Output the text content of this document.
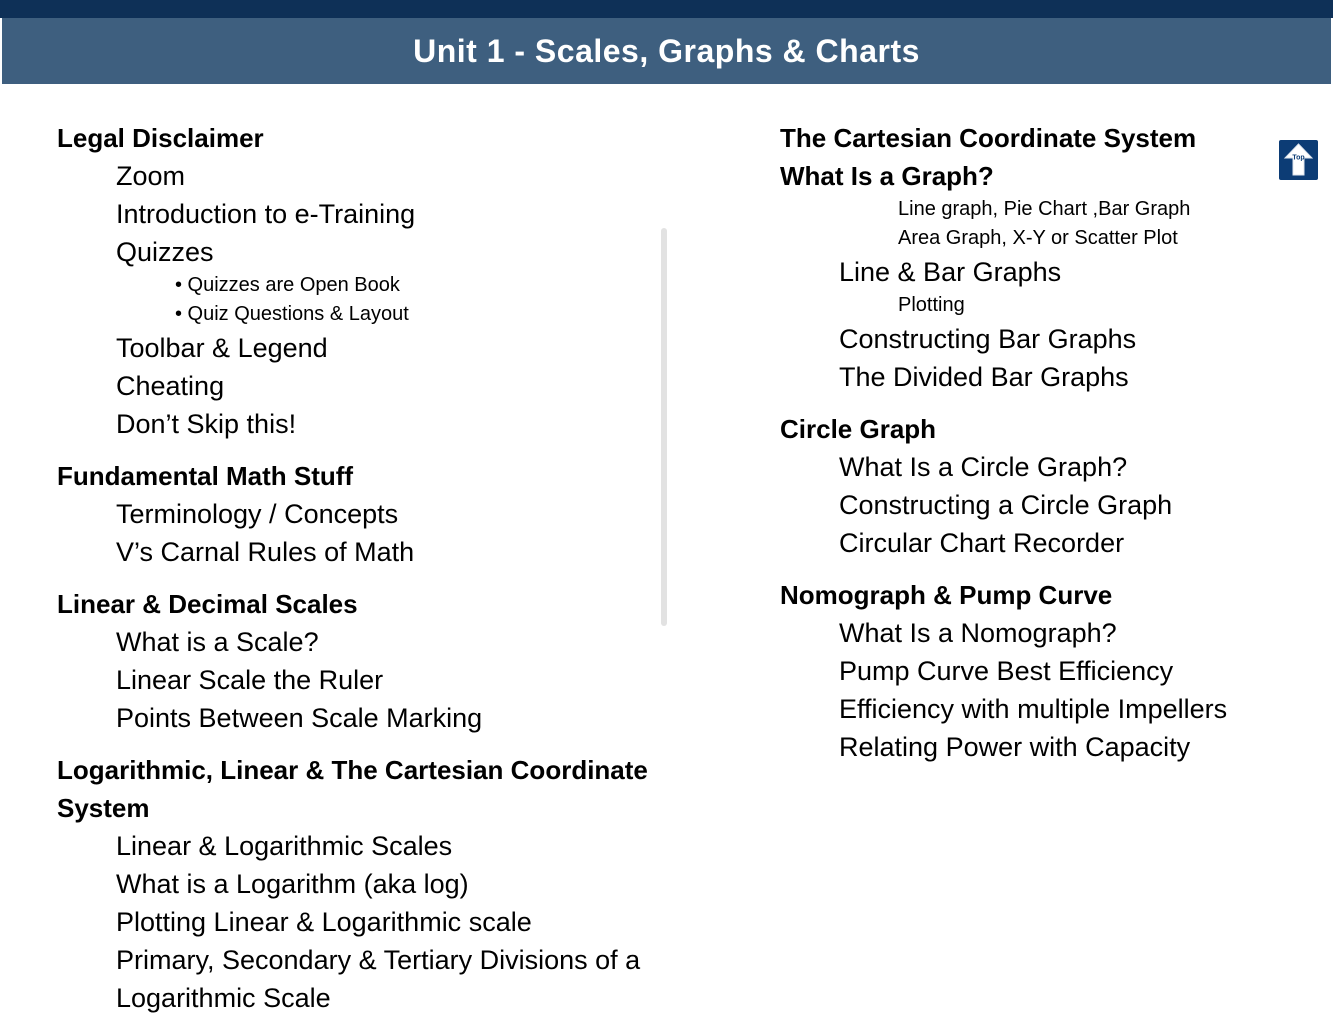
Unit 1 - Scales, Graphs & Charts
Top
Legal Disclaimer
Zoom
Introduction to e-Training
Quizzes
• Quizzes are Open Book
• Quiz Questions & Layout
Toolbar & Legend
Cheating
Don’t Skip this!
Fundamental Math Stuff
Terminology / Concepts
V’s Carnal Rules of Math
Linear & Decimal Scales
What is a Scale?
Linear Scale the Ruler
Points Between Scale Marking
Logarithmic, Linear & The Cartesian Coordinate System
Linear & Logarithmic Scales
What is a Logarithm (aka log)
Plotting Linear & Logarithmic scale
Primary, Secondary & Tertiary Divisions of a Logarithmic Scale
The Cartesian Coordinate System
What Is a Graph?
Line graph, Pie Chart ,Bar Graph
Area Graph, X-Y or Scatter Plot
Line & Bar Graphs
Plotting
Constructing Bar Graphs
The Divided Bar Graphs
Circle Graph
What Is a Circle Graph?
Constructing a Circle Graph
Circular Chart Recorder
Nomograph & Pump Curve
What Is a Nomograph?
Pump Curve Best Efficiency
Efficiency with multiple Impellers
Relating Power with Capacity
